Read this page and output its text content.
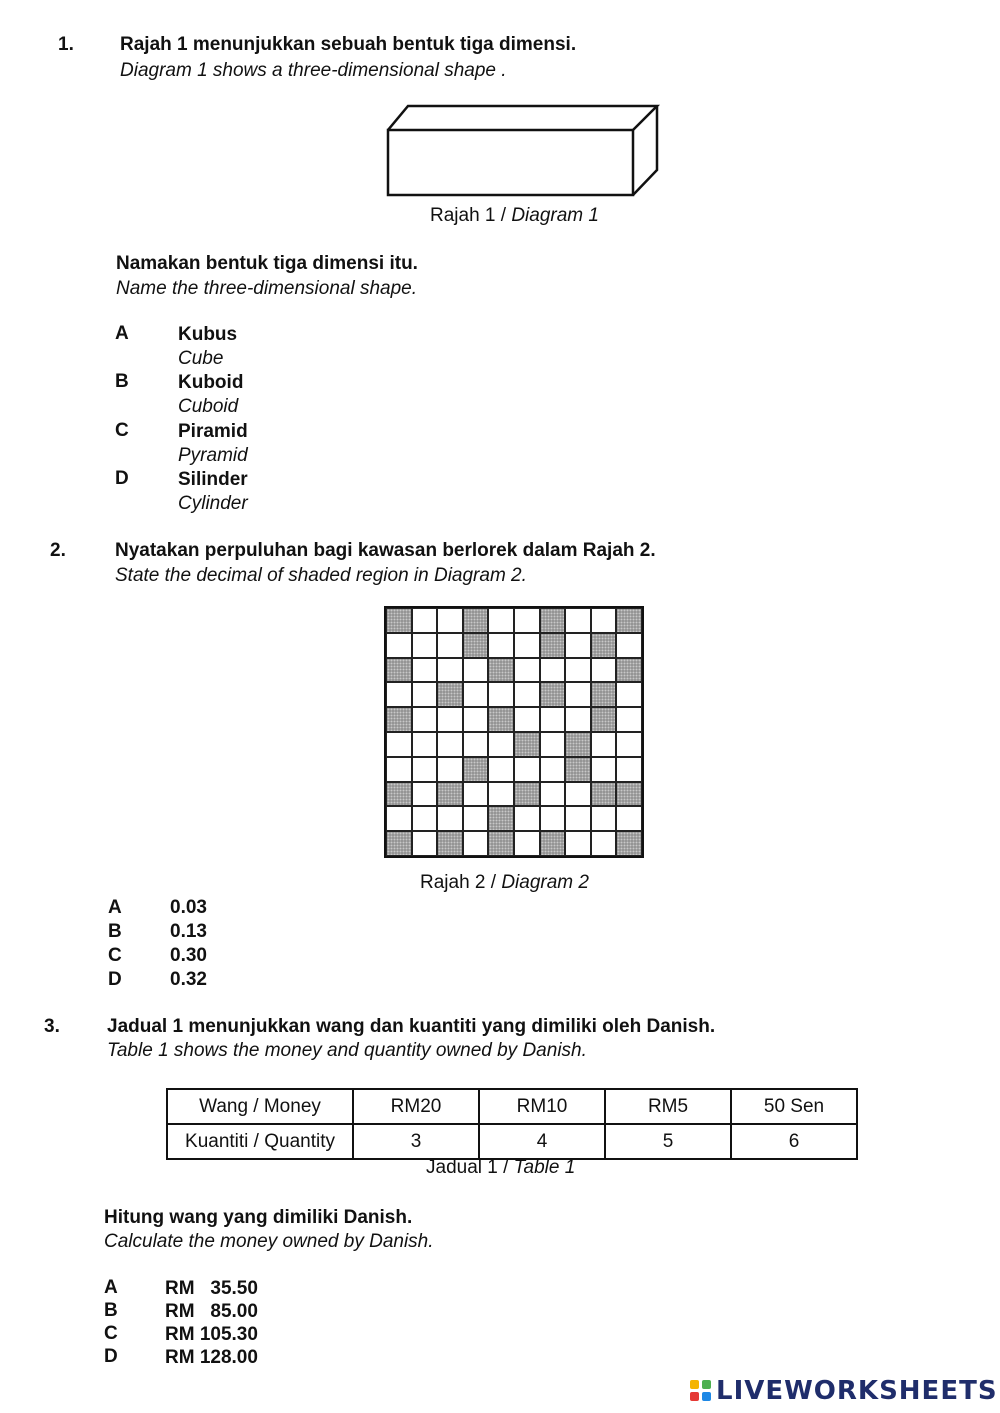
1. Rajah 1 menunjukkan sebuah bentuk tiga dimensi.
Diagram 1 shows a three-dimensional shape .
Rajah 1 / Diagram 1
Namakan bentuk tiga dimensi itu.
Name the three-dimensional shape.
A	Kubus
Cube
B	Kuboid
Cuboid
C	Piramid
Pyramid
D	Silinder
Cylinder
2.	Nyatakan perpuluhan bagi kawasan berlorek dalam Rajah 2.
State the decimal of shaded region in Diagram 2.
Rajah 2 / Diagram 2
A	0.03
B	0.13
C	0.30
D	0.32
3. Jadual 1 menunjukkan wang dan kuantiti yang dimiliki oleh Danish.
Table 1 shows the money and quantity owned by Danish.
Wang / Money	RM20	RM10	RM5	50 Sen
Kuantiti / Quantity	3	4	5	6
Jadual 1 / Table 1
Hitung wang yang dimiliki Danish.
Calculate the money owned by Danish.
A RM   35.50
B RM   85.00
C RM 105.30
D RM 128.00
LIVEWORKSHEETS
